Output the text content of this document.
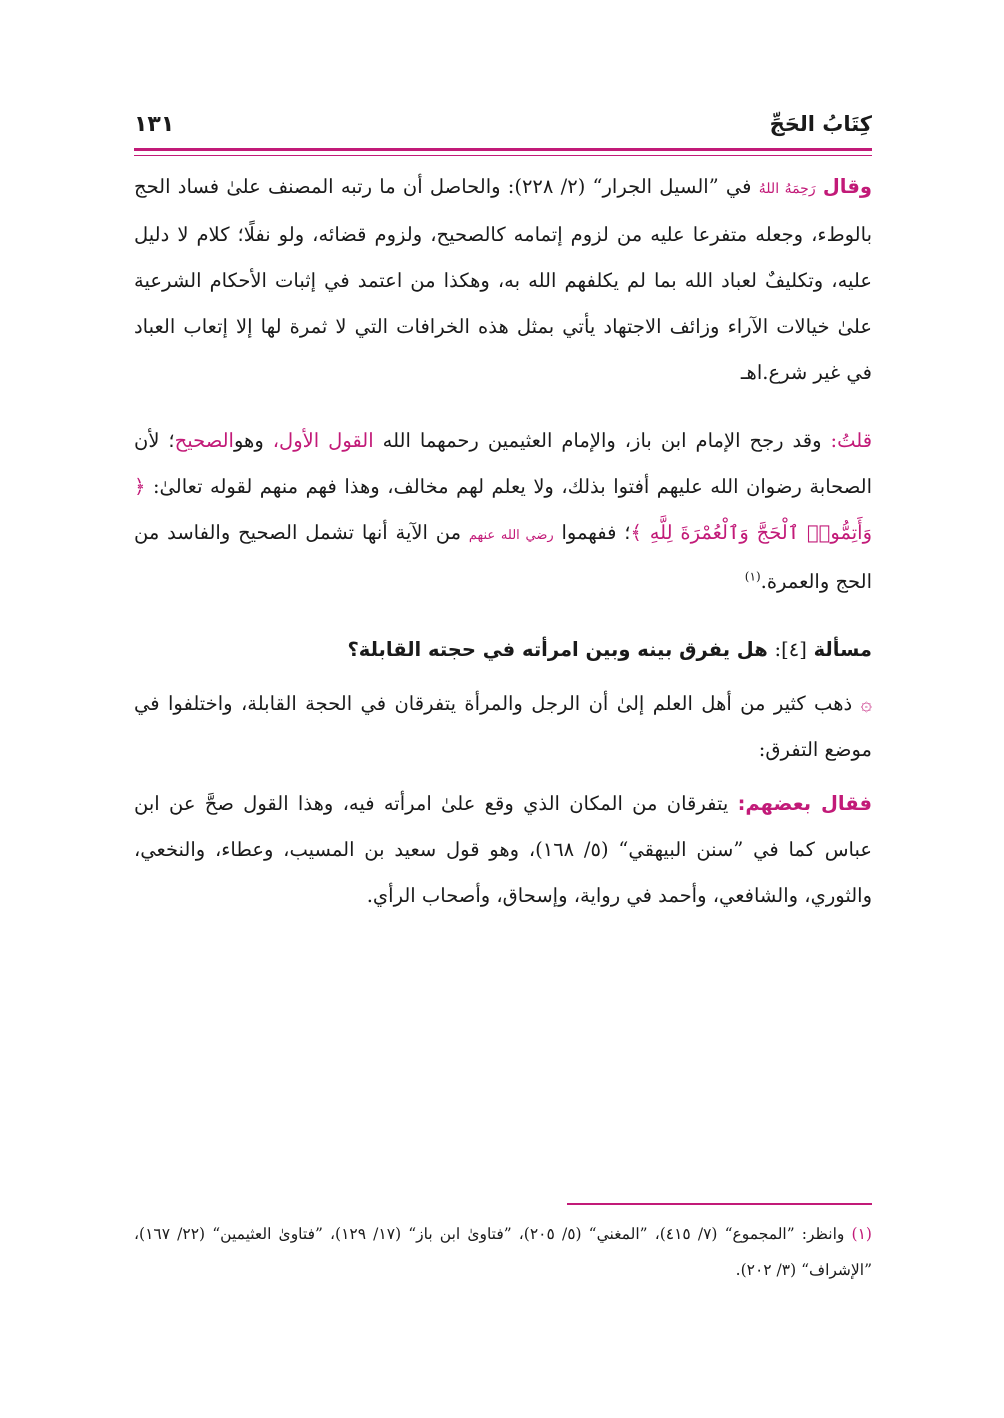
كِتَابُ الحَجِّ
١٣١

وقال رَحِمَهُ اللهُ في ”السيل الجرار“ (٢/ ٢٢٨): والحاصل أن ما رتبه المصنف علىٰ فساد الحج بالوطء، وجعله متفرعا عليه من لزوم إتمامه كالصحيح، ولزوم قضائه، ولو نفلًا؛ كلام لا دليل عليه، وتكليفٌ لعباد الله بما لم يكلفهم الله به، وهكذا من اعتمد في إثبات الأحكام الشرعية علىٰ خيالات الآراء وزائف الاجتهاد يأتي بمثل هذه الخرافات التي لا ثمرة لها إلا إتعاب العباد في غير شرع.اهـ

قلتُ: وقد رجح الإمام ابن باز، والإمام العثيمين رحمهما الله القول الأول، وهوالصحيح؛ لأن الصحابة رضوان الله عليهم أفتوا بذلك، ولا يعلم لهم مخالف، وهذا فهم منهم لقوله تعالىٰ: ﴿ وَأَتِمُّوا۟ ٱلْحَجَّ وَٱلْعُمْرَةَ لِلَّهِ ﴾؛ ففهموا رضي الله عنهم من الآية أنها تشمل الصحيح والفاسد من الحج والعمرة.$^{(١)}$

مسألة [٤]: هل يفرق بينه وبين امرأته في حجته القابلة؟

۞ ذهب كثير من أهل العلم إلىٰ أن الرجل والمرأة يتفرقان في الحجة القابلة، واختلفوا في موضع التفرق:

فقال بعضهم: يتفرقان من المكان الذي وقع علىٰ امرأته فيه، وهذا القول صحَّ عن ابن عباس كما في ”سنن البيهقي“ (٥/ ١٦٨)، وهو قول سعيد بن المسيب، وعطاء، والنخعي، والثوري، والشافعي، وأحمد في رواية، وإسحاق، وأصحاب الرأي.

(١) وانظر: ”المجموع“ (٧/ ٤١٥)، ”المغني“ (٥/ ٢٠٥)، ”فتاوىٰ ابن باز“ (١٧/ ١٢٩)، ”فتاوىٰ العثيمين“ (٢٢/ ١٦٧)، ”الإشراف“ (٣/ ٢٠٢).
